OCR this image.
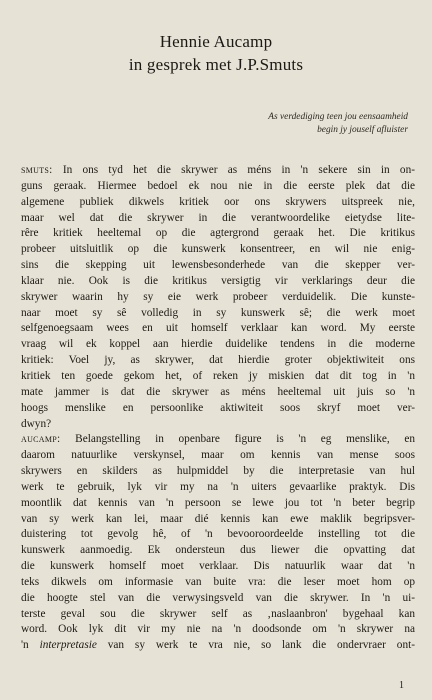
Hennie Aucamp
in gesprek met J.P.Smuts
As verdediging teen jou eensaamheid
begin jy jouself afluister
smuts: In ons tyd het die skrywer as méns in 'n sekere sin in on-
guns geraak. Hiermee bedoel ek nou nie in die eerste plek dat die
algemene publiek dikwels kritiek oor ons skrywers uitspreek nie,
maar wel dat die skrywer in die verantwoordelike eietydse lite-
rêre kritiek heeltemal op die agtergrond geraak het. Die kritikus
probeer uitsluitlik op die kunswerk konsentreer, en wil nie enig-
sins die skepping uit lewensbesonderhede van die skepper ver-
klaar nie. Ook is die kritikus versigtig vir verklarings deur die
skrywer waarin hy sy eie werk probeer verduidelik. Die kunste-
naar moet sy sê volledig in sy kunswerk sê; die werk moet
selfgenoegsaam wees en uit homself verklaar kan word. My eerste
vraag wil ek koppel aan hierdie duidelike tendens in die moderne
kritiek: Voel jy, as skrywer, dat hierdie groter objektiwiteit ons
kritiek ten goede gekom het, of reken jy miskien dat dit tog in 'n
mate jammer is dat die skrywer as méns heeltemal uit juis so 'n
hoogs menslike en persoonlike aktiwiteit soos skryf moet ver-
dwyn?
aucamp: Belangstelling in openbare figure is 'n eg menslike, en
daarom natuurlike verskynsel, maar om kennis van mense soos
skrywers en skilders as hulpmiddel by die interpretasie van hul
werk te gebruik, lyk vir my na 'n uiters gevaarlike praktyk. Dis
moontlik dat kennis van 'n persoon se lewe jou tot 'n beter begrip
van sy werk kan lei, maar dié kennis kan ewe maklik begripsver-
duistering tot gevolg hê, of 'n bevooroordeelde instelling tot die
kunswerk aanmoedig. Ek ondersteun dus liewer die opvatting dat
die kunswerk homself moet verklaar. Dis natuurlik waar dat 'n
teks dikwels om informasie van buite vra: die leser moet hom op
die hoogte stel van die verwysingsveld van die skrywer. In 'n ui-
terste geval sou die skrywer self as ‚naslaanbron' bygehaal kan
word. Ook lyk dit vir my nie na 'n doodsonde om 'n skrywer na
'n interpretasie van sy werk te vra nie, so lank die ondervraer ont-
1
